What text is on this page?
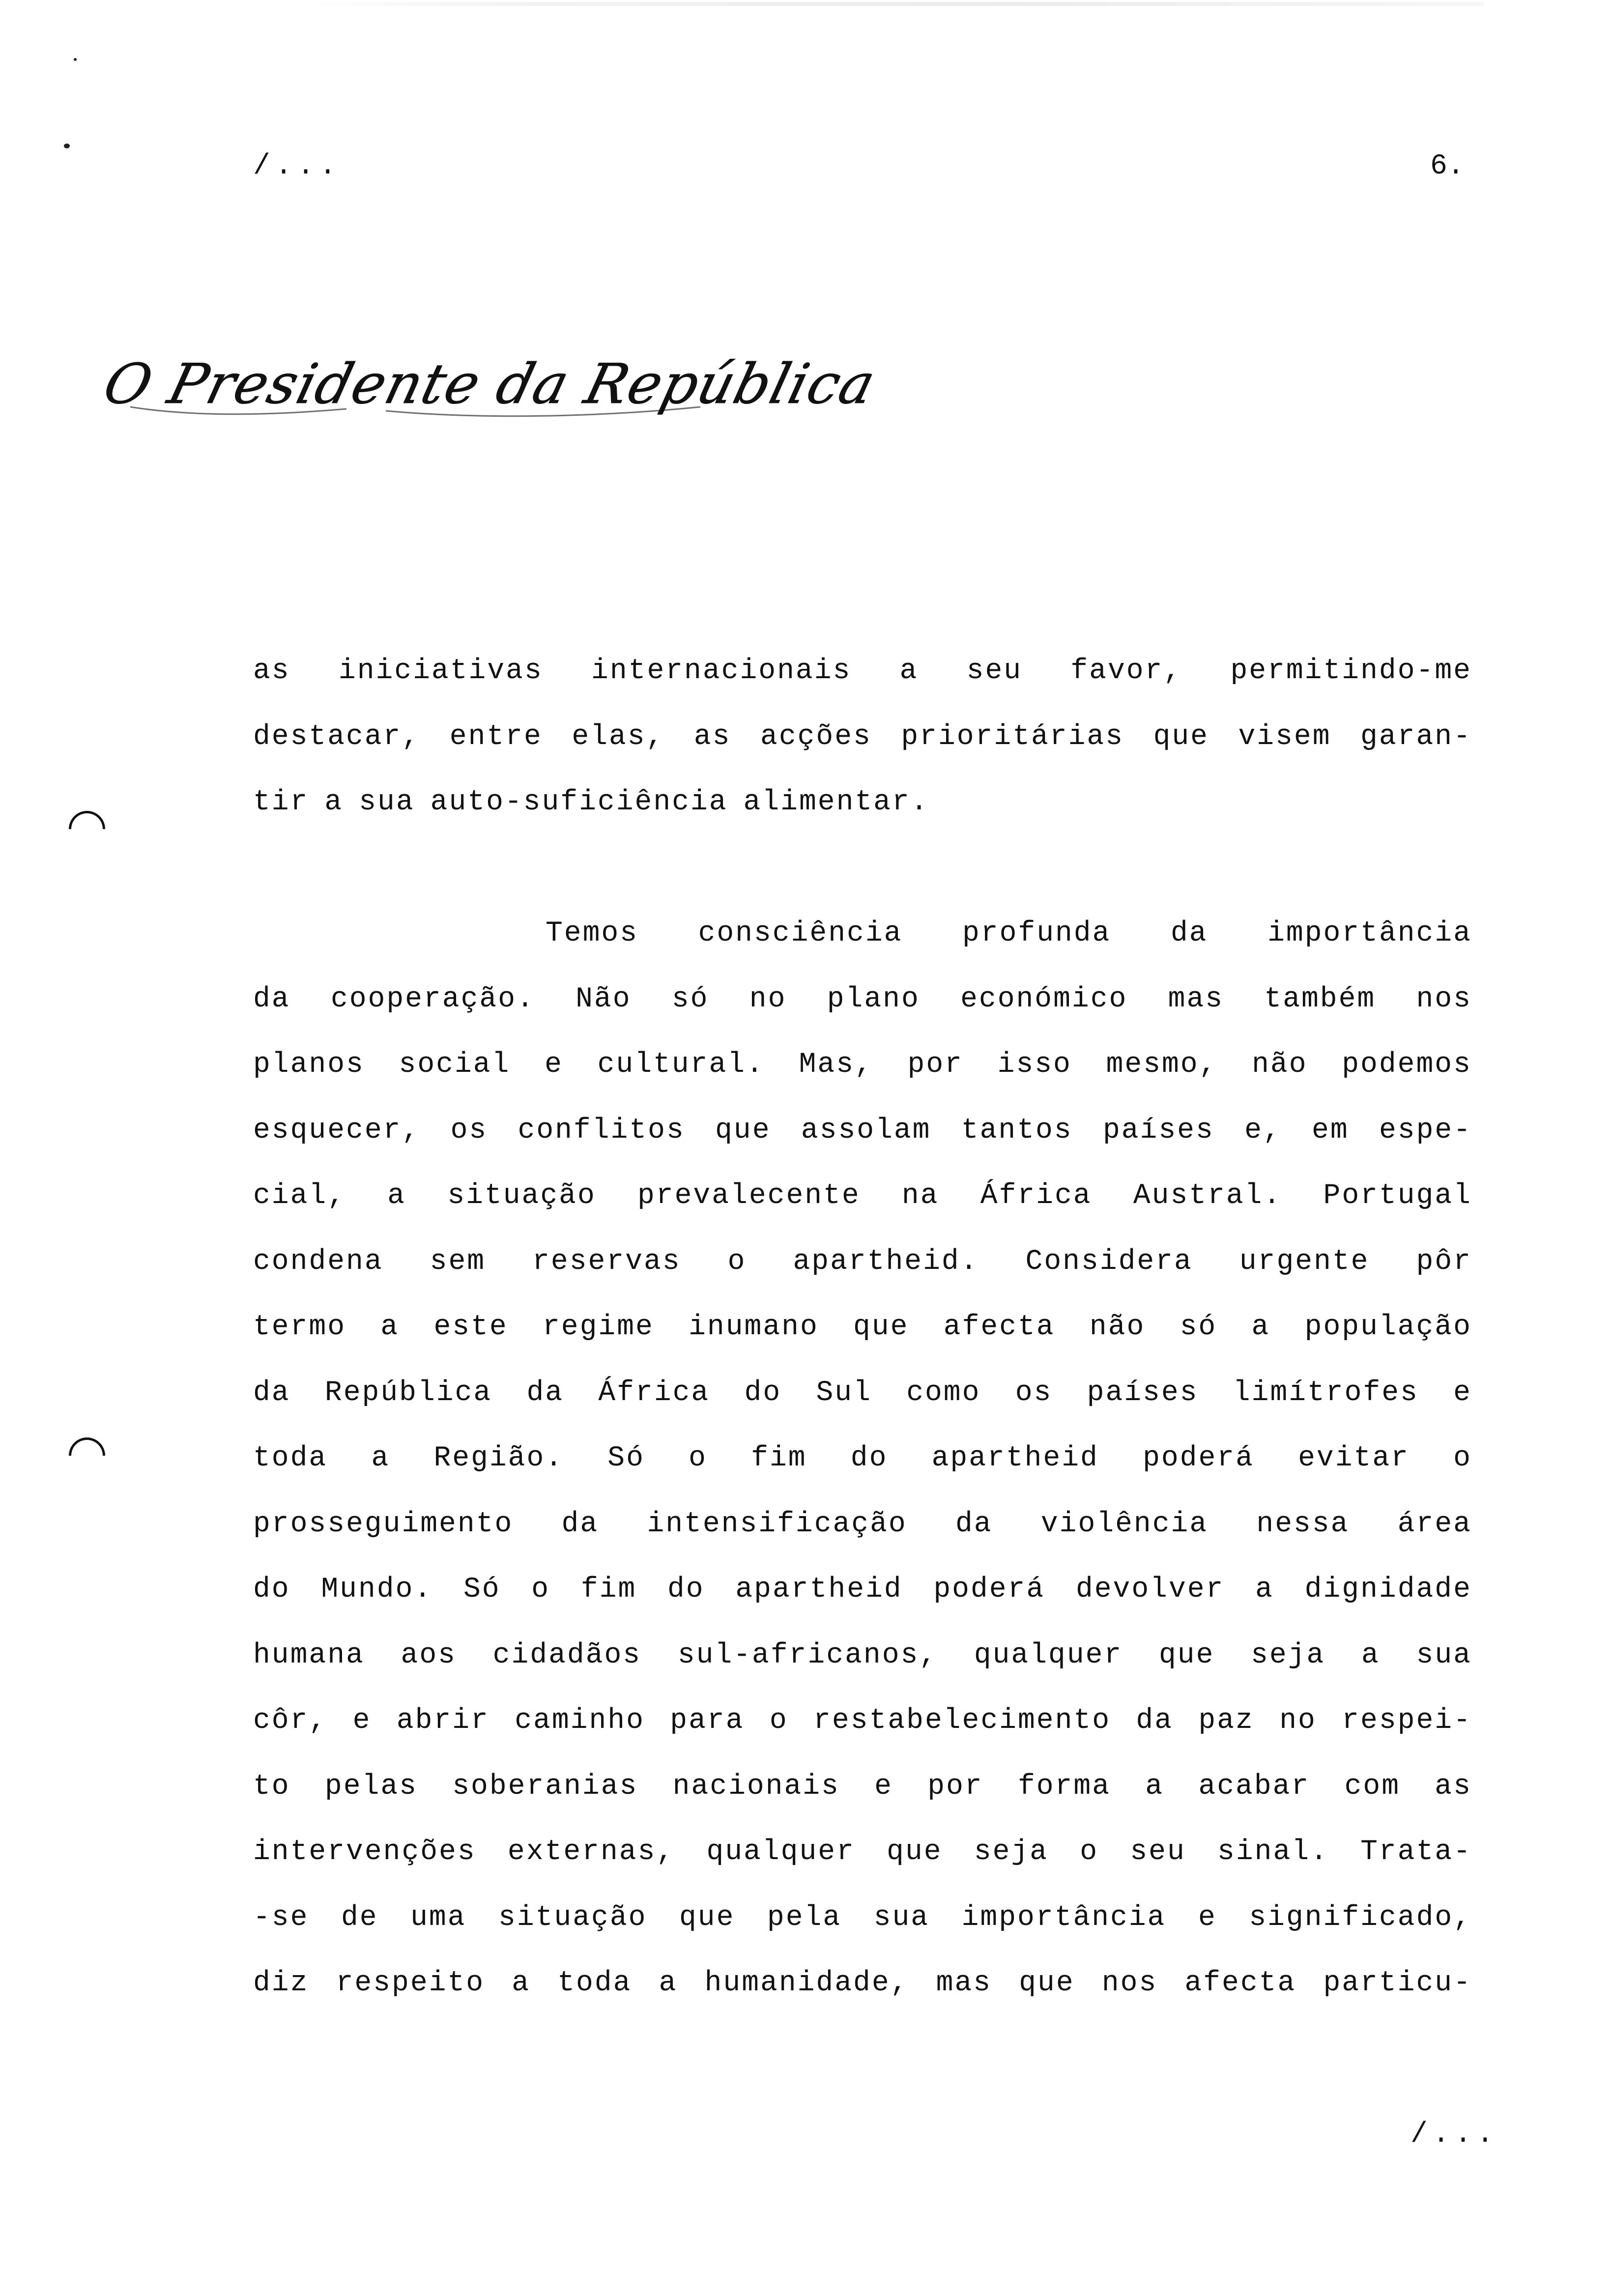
/...	6.
O Presidente da República
as iniciativas internacionais a seu favor, permitindo-me
destacar, entre elas, as acções prioritárias que visem garan-
tir a sua auto-suficiência alimentar.
Temos consciência profunda da importância
da cooperação. Não só no plano económico mas também nos
planos social e cultural. Mas, por isso mesmo, não podemos
esquecer, os conflitos que assolam tantos países e, em espe-
cial, a situação prevalecente na África Austral. Portugal
condena sem reservas o apartheid. Considera urgente pôr
termo a este regime inumano que afecta não só a população
da República da África do Sul como os países limítrofes e
toda a Região. Só o fim do apartheid poderá evitar o
prosseguimento da intensificação da violência nessa área
do Mundo. Só o fim do apartheid poderá devolver a dignidade
humana aos cidadãos sul-africanos, qualquer que seja a sua
côr, e abrir caminho para o restabelecimento da paz no respei-
to pelas soberanias nacionais e por forma a acabar com as
intervenções externas, qualquer que seja o seu sinal. Trata-
-se de uma situação que pela sua importância e significado,
diz respeito a toda a humanidade, mas que nos afecta particu-
/...
